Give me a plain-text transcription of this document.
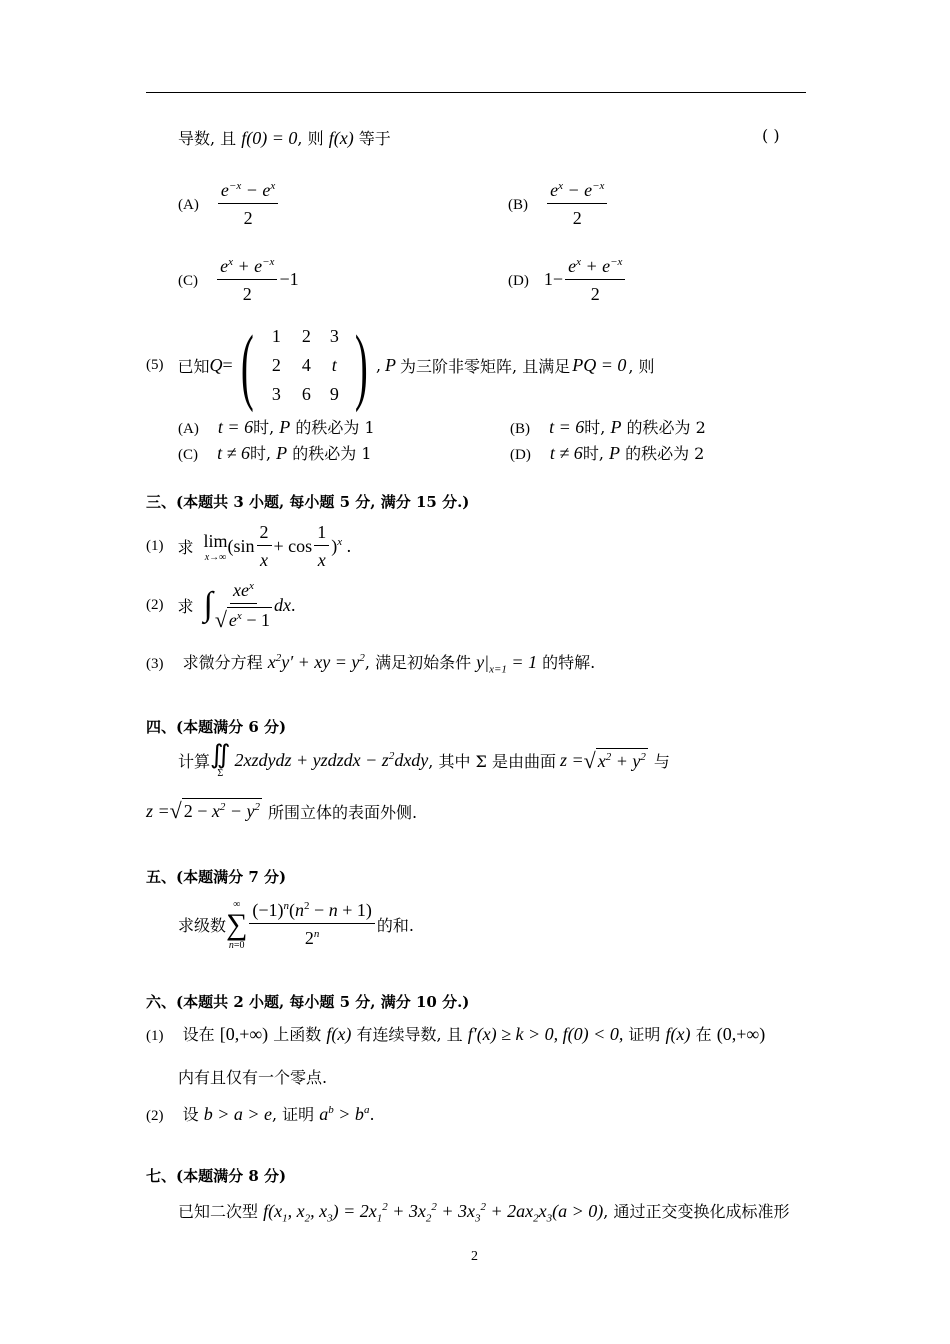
导数, 且 f(0) = 0, 则 f(x) 等于	( )
$(A) \frac{e^{-x} - e^x}{2}$	$(B) \frac{e^x - e^{-x}}{2}$
$(C) \frac{e^x + e^{-x}}{2} -1$	(D) $1- \frac{e^x + e^{-x}}{2}$
(5) 已知 Q = (	1	2	3
2	4	t
3	6	9 ) , P 为三阶非零矩阵, 且满足 PQ = 0 , 则
(A) t = 6时, P 的秩必为 1	(B) t = 6时, P 的秩必为 2
(C) t ≠ 6时, P 的秩必为 1	(D) t ≠ 6时, P 的秩必为 2
三、(本题共 3 小题, 每小题 5 分, 满分 15 分.)
(1) 求 lim
x→∞
$(\sin \frac{2}{x} + \cos \frac{1}{x} )^x$ .
(2) 求 ∫ $\frac{xe^x}{√ e^x - 1}$ dx .
(3) 求微分方程 $x^2y'$ + xy = $y^2$, 满足初始条件 $y|_{x=1} = 1$ 的特解.
四、(本题满分 6 分)
计算 ∬
Σ
2xzdydz + yzdzdx − $z^2dxdy$ , 其中 Σ 是由曲面 z = √ $x^2 + y^2$ 与
z = √ $2 - x^2 - y^2$ 所围立体的表面外侧.
五、(本题满分 7 分)
求级数
∞
∑
$n=0 \frac{(-1)^n(n^2 - n + 1)}{2^n}$ 的和.
六、(本题共 2 小题, 每小题 5 分, 满分 10 分.)
(1) 设在 [0,+∞) 上函数 f(x) 有连续导数, 且 f′(x) ≥ k > 0, f(0) < 0, 证明 f(x) 在 (0,+∞)
内有且仅有一个零点.
(2) 设 b > a > e, 证明 $a^b > b^a$.
七、(本题满分 8 分)
已知二次型 $f(x_1$, $x_2$, $x_3) = 2x_1^2 + 3x_2^2 + 3x_3^2 + 2ax_2x_3(a > 0)$, 通过正交变换化成标准形
2
